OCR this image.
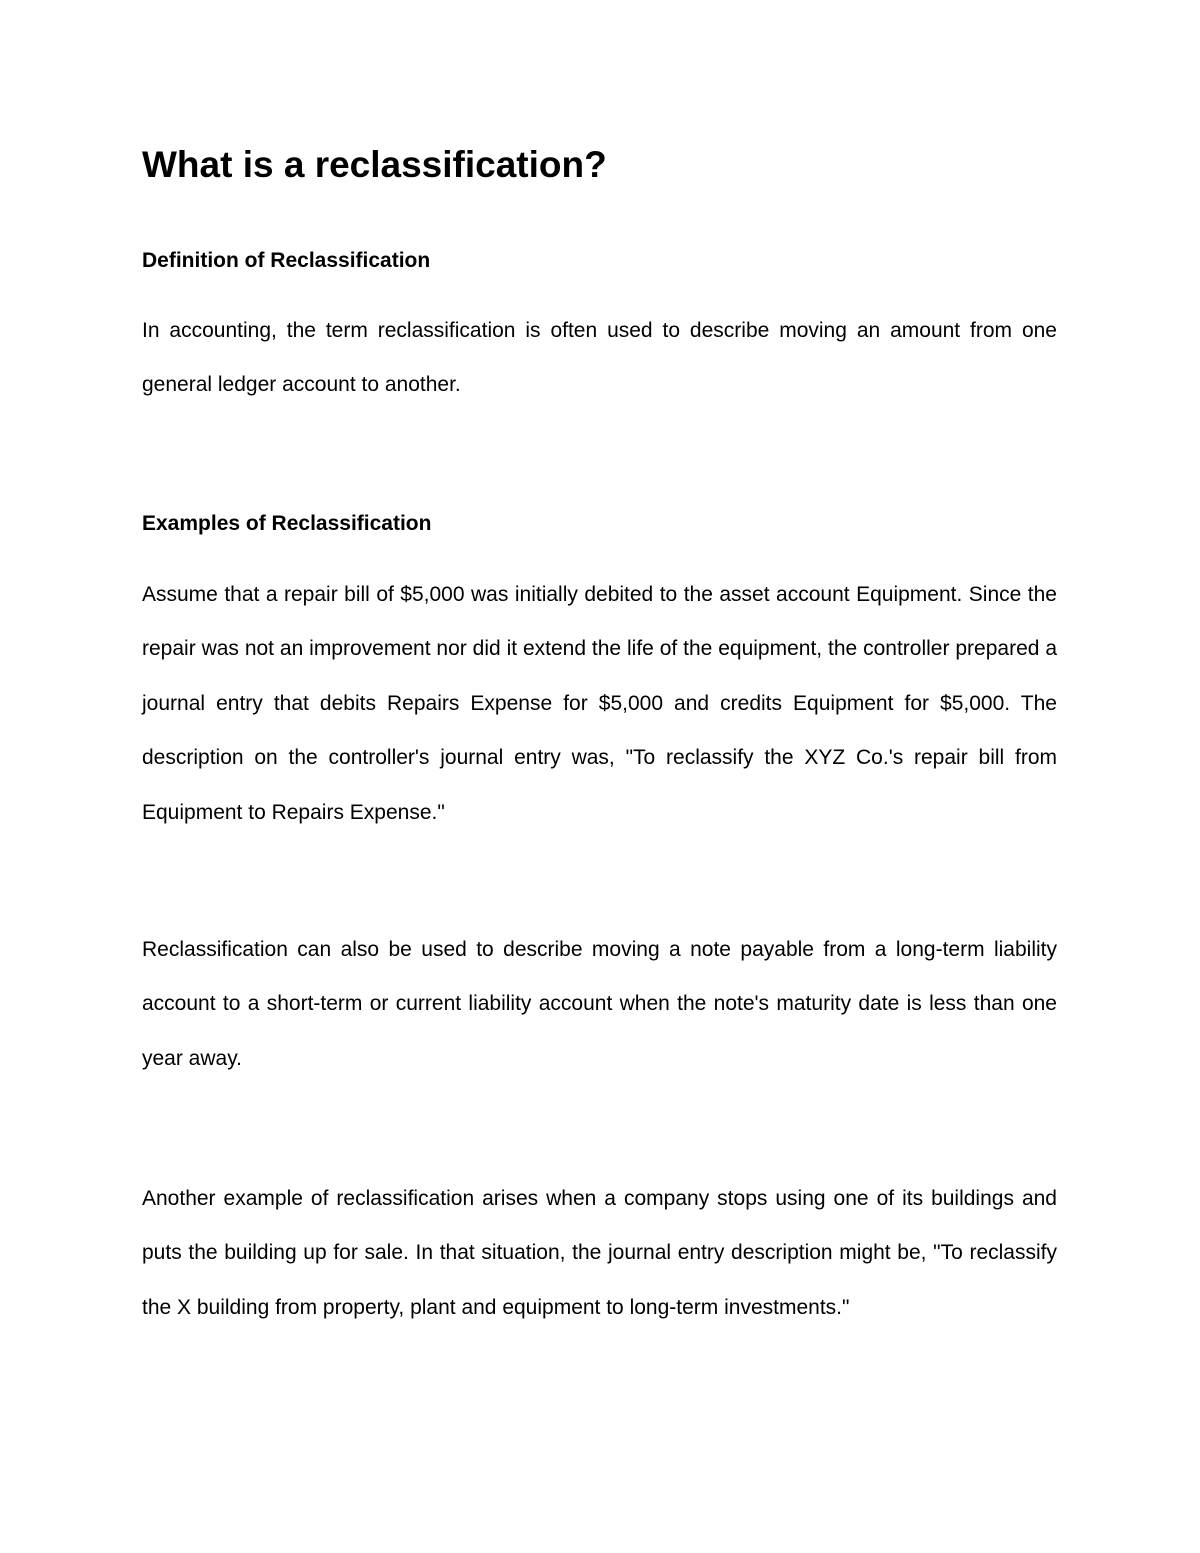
What is a reclassification?
Definition of Reclassification

In accounting, the term reclassification is often used to describe moving an amount from one general ledger account to another.

Examples of Reclassification

Assume that a repair bill of $5,000 was initially debited to the asset account Equipment. Since the repair was not an improvement nor did it extend the life of the equipment, the controller prepared a journal entry that debits Repairs Expense for $5,000 and credits Equipment for $5,000. The description on the controller's journal entry was, "To reclassify the XYZ Co.'s repair bill from Equipment to Repairs Expense."

Reclassification can also be used to describe moving a note payable from a long-term liability account to a short-term or current liability account when the note's maturity date is less than one year away.

Another example of reclassification arises when a company stops using one of its buildings and puts the building up for sale. In that situation, the journal entry description might be, "To reclassify the X building from property, plant and equipment to long-term investments."
